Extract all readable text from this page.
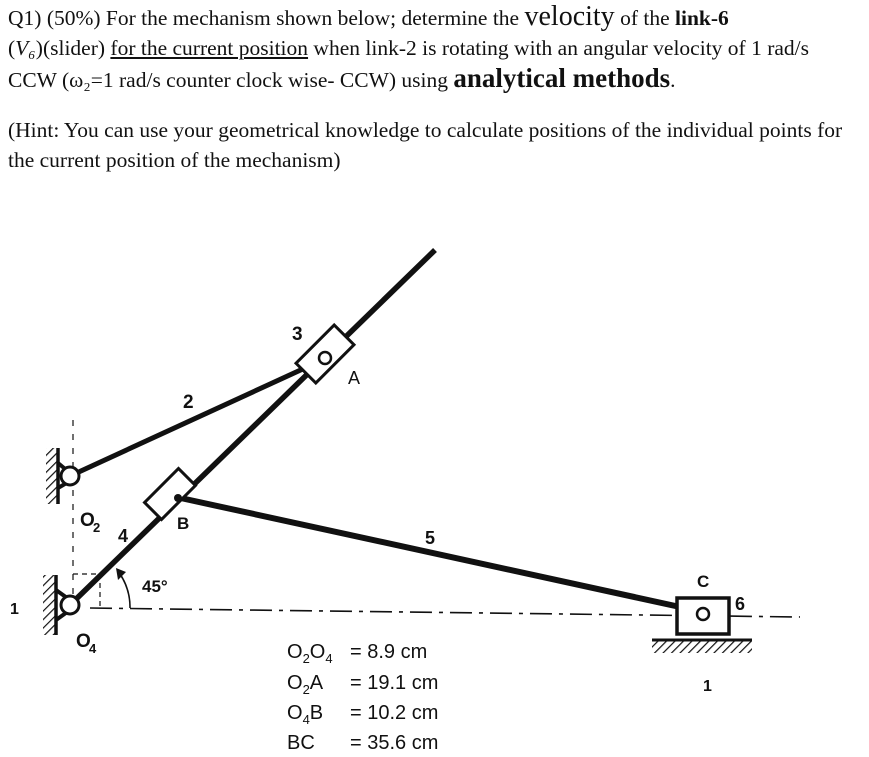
Q1) (50%) For the mechanism shown below; determine the velocity of the link-6
(V₆)(slider) for the current position when link-2 is rotating with an angular velocity of 1 rad/s CCW (ω₂=1 rad/s counter clock wise- CCW) using analytical methods.
(Hint: You can use your geometrical knowledge to calculate positions of the individual points for the current position of the mechanism)
2
3
4	5
6
1
1
A
B
C
O
2
O
4
45°
$O_2O_4 = 8.9$ cm
$O_2A = 19.1$ cm
$O_4B = 10.2$ cm
BC = 35.6 cm
